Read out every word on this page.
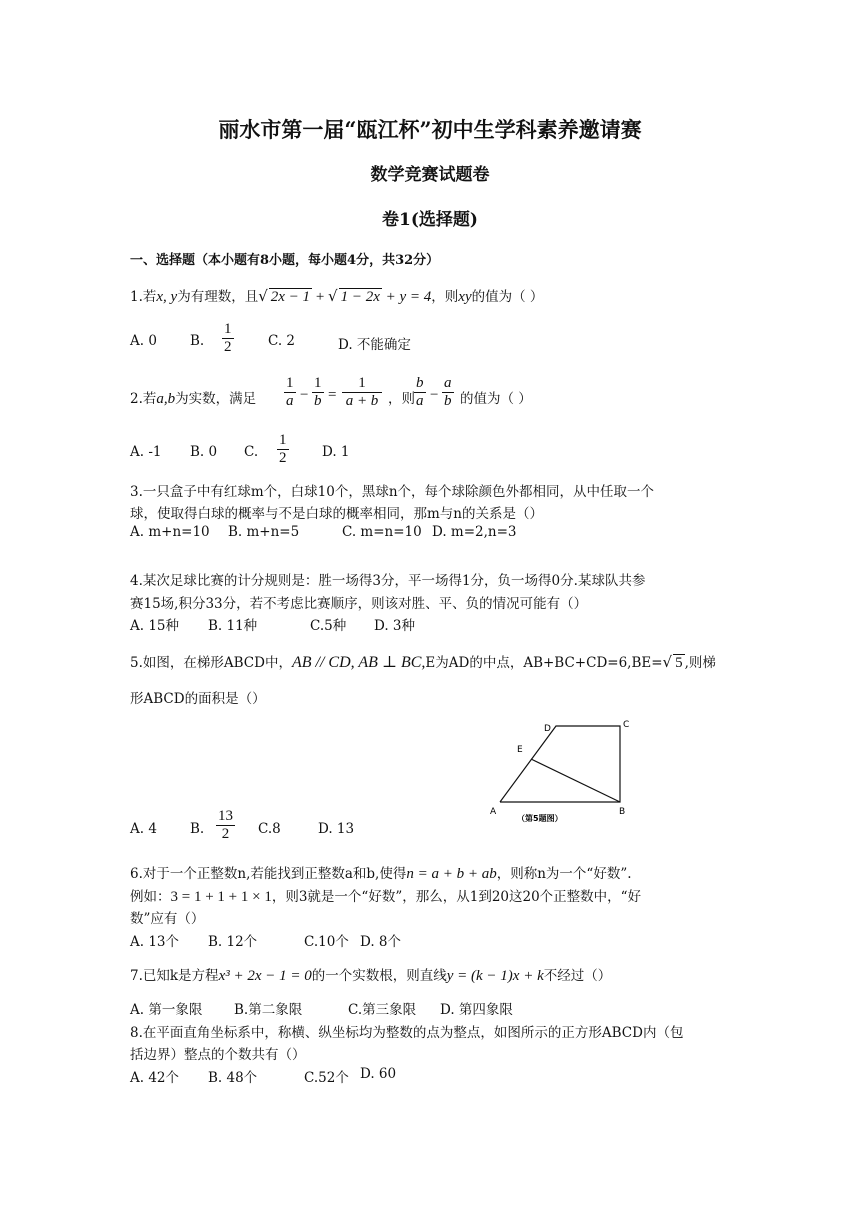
丽水市第一届“瓯江杯”初中生学科素养邀请赛
数学竞赛试题卷
卷1(选择题)
一、选择题（本小题有8小题，每小题4分，共32分）
1.若x, y为有理数，且√ 2x − 1 + √ 1 − 2x + y = 4，则xy的值为（ ）
A. 0 B. $\frac{1}{2}$	C. 2	D. 不能确定
2.若a,b为实数，满足 $\frac{1}{a} - \frac{1}{b} = \frac{1}{a + b}$ ，则 $\frac{b}{a} - \frac{a}{b}$ 的值为（ ）
A. -1 B. 0 C. $\frac{1}{2} D$. 1
3.一只盒子中有红球m个，白球10个，黑球n个，每个球除颜色外都相同，从中任取一个
球，使取得白球的概率与不是白球的概率相同，那m与n的关系是（）
A. m+n=10 B. m+n=5	C. m=n=10 D. m=2,n=3
4.某次足球比赛的计分规则是：胜一场得3分，平一场得1分，负一场得0分.某球队共参
赛15场,积分33分，若不考虑比赛顺序，则该对胜、平、负的情况可能有（）
A. 15种 B. 11种	C.5种 D. 3种
5.如图，在梯形ABCD中，AB // CD, AB ⊥ BC,E为AD的中点，AB+BC+CD=6,BE=√ 5 ,则梯
形ABCD的面积是（）
A	B
C
D
E
（第5题图）
A. 4 B. $\frac{13}{2} C.8$	D. 13
6.对于一个正整数n,若能找到正整数a和b,使得n = a + b + ab，则称n为一个“好数”.
例如：3 = 1 + 1 + 1 × 1，则3就是一个“好数”，那么，从1到20这20个正整数中，“好
数”应有（）
A. 13个 B. 12个	C.10个 D. 8个
7.已知k是方程x³ + 2x − 1 = 0的一个实数根，则直线y = (k − 1)x + k不经过（）
A. 第一象限 B.第二象限	C.第三象限 D. 第四象限
8.在平面直角坐标系中，称横、纵坐标均为整数的点为整点，如图所示的正方形ABCD内（包
括边界）整点的个数共有（）
A. 42个 B. 48个	C.52个 D. 60
